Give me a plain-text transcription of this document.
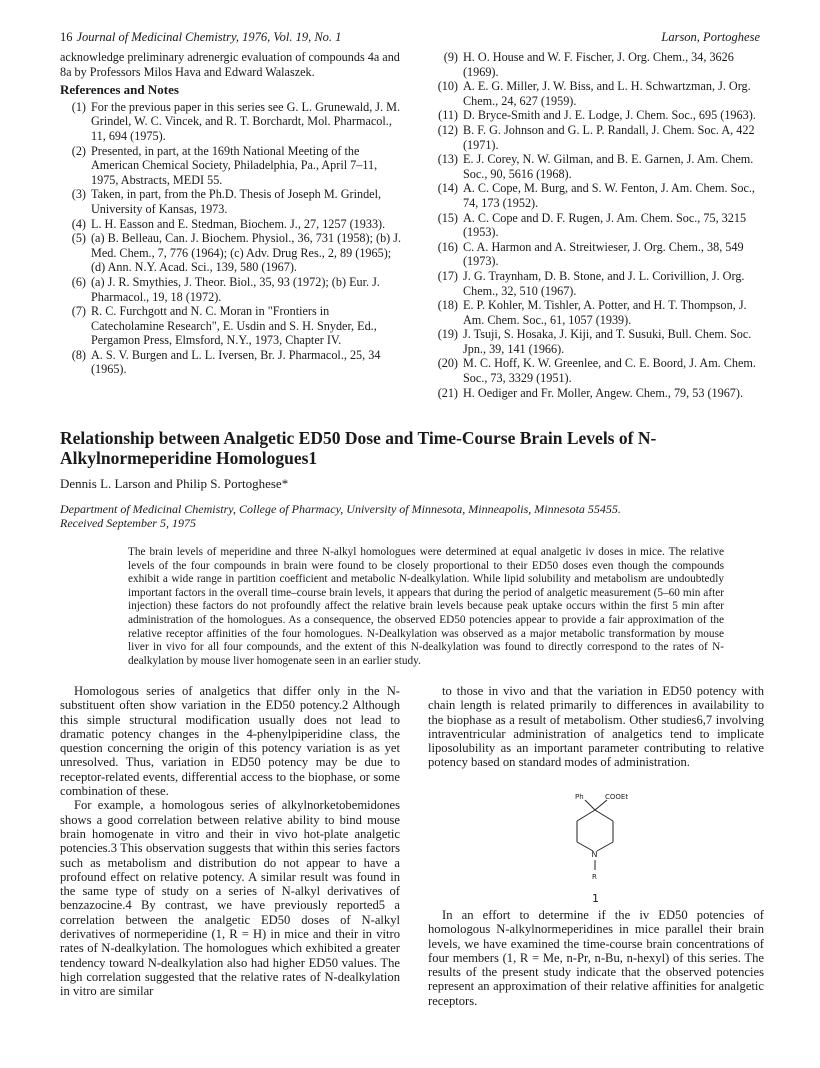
16 Journal of Medicinal Chemistry, 1976, Vol. 19, No. 1	Larson, Portoghese

acknowledge preliminary adrenergic evaluation of compounds 4a and 8a by Professors Milos Hava and Edward Walaszek.

References and Notes
(1) For the previous paper in this series see G. L. Grunewald, J. M. Grindel, W. C. Vincek, and R. T. Borchardt, Mol. Pharmacol., 11, 694 (1975).
(2) Presented, in part, at the 169th National Meeting of the American Chemical Society, Philadelphia, Pa., April 7–11, 1975, Abstracts, MEDI 55.
(3) Taken, in part, from the Ph.D. Thesis of Joseph M. Grindel, University of Kansas, 1973.
(4) L. H. Easson and E. Stedman, Biochem. J., 27, 1257 (1933).
(5) (a) B. Belleau, Can. J. Biochem. Physiol., 36, 731 (1958); (b) J. Med. Chem., 7, 776 (1964); (c) Adv. Drug Res., 2, 89 (1965); (d) Ann. N.Y. Acad. Sci., 139, 580 (1967).
(6) (a) J. R. Smythies, J. Theor. Biol., 35, 93 (1972); (b) Eur. J. Pharmacol., 19, 18 (1972).
(7) R. C. Furchgott and N. C. Moran in "Frontiers in Catecholamine Research", E. Usdin and S. H. Snyder, Ed., Pergamon Press, Elmsford, N.Y., 1973, Chapter IV.
(8) A. S. V. Burgen and L. L. Iversen, Br. J. Pharmacol., 25, 34 (1965).
(9) H. O. House and W. F. Fischer, J. Org. Chem., 34, 3626 (1969).
(10) A. E. G. Miller, J. W. Biss, and L. H. Schwartzman, J. Org. Chem., 24, 627 (1959).
(11) D. Bryce-Smith and J. E. Lodge, J. Chem. Soc., 695 (1963).
(12) B. F. G. Johnson and G. L. P. Randall, J. Chem. Soc. A, 422 (1971).
(13) E. J. Corey, N. W. Gilman, and B. E. Garnen, J. Am. Chem. Soc., 90, 5616 (1968).
(14) A. C. Cope, M. Burg, and S. W. Fenton, J. Am. Chem. Soc., 74, 173 (1952).
(15) A. C. Cope and D. F. Rugen, J. Am. Chem. Soc., 75, 3215 (1953).
(16) C. A. Harmon and A. Streitwieser, J. Org. Chem., 38, 549 (1973).
(17) J. G. Traynham, D. B. Stone, and J. L. Corivillion, J. Org. Chem., 32, 510 (1967).
(18) E. P. Kohler, M. Tishler, A. Potter, and H. T. Thompson, J. Am. Chem. Soc., 61, 1057 (1939).
(19) J. Tsuji, S. Hosaka, J. Kiji, and T. Susuki, Bull. Chem. Soc. Jpn., 39, 141 (1966).
(20) M. C. Hoff, K. W. Greenlee, and C. E. Boord, J. Am. Chem. Soc., 73, 3329 (1951).
(21) H. Oediger and Fr. Moller, Angew. Chem., 79, 53 (1967).
Relationship between Analgetic ED50 Dose and Time-Course Brain Levels of N-Alkylnormeperidine Homologues1
Dennis L. Larson and Philip S. Portoghese*
Department of Medicinal Chemistry, College of Pharmacy, University of Minnesota, Minneapolis, Minnesota 55455.
Received September 5, 1975
The brain levels of meperidine and three N-alkyl homologues were determined at equal analgetic iv doses in mice. The relative levels of the four compounds in brain were found to be closely proportional to their ED50 doses even though the compounds exhibit a wide range in partition coefficient and metabolic N-dealkylation. While lipid solubility and metabolism are undoubtedly important factors in the overall time–course brain levels, it appears that during the period of analgetic measurement (5–60 min after injection) these factors do not profoundly affect the relative brain levels because peak uptake occurs within the first 5 min after administration of the homologues. As a consequence, the observed ED50 potencies appear to provide a fair approximation of the relative receptor affinities of the four homologues. N-Dealkylation was observed as a major metabolic transformation by mouse liver in vivo for all four compounds, and the extent of this N-dealkylation was found to directly correspond to the rates of N-dealkylation by mouse liver homogenate seen in an earlier study.

Homologous series of analgetics that differ only in the N-substituent often show variation in the ED50 potency.2 Although this simple structural modification usually does not lead to dramatic potency changes in the 4-phenylpiperidine class, the question concerning the origin of this potency variation is as yet unresolved. Thus, variation in ED50 potency may be due to receptor-related events, differential access to the biophase, or some combination of these.

For example, a homologous series of alkylnorketobemidones shows a good correlation between relative ability to bind mouse brain homogenate in vitro and their in vivo hot-plate analgetic potencies.3 This observation suggests that within this series factors such as metabolism and distribution do not appear to have a profound effect on relative potency. A similar result was found in the same type of study on a series of N-alkyl derivatives of benzazocine.4 By contrast, we have previously reported5 a correlation between the analgetic ED50 doses of N-alkyl derivatives of normeperidine (1, R = H) in mice and their in vitro rates of N-dealkylation. The homologues which exhibited a greater tendency toward N-dealkylation also had higher ED50 values. The high correlation suggested that the relative rates of N-dealkylation in vitro are similar

to those in vivo and that the variation in ED50 potency with chain length is related primarily to differences in availability to the biophase as a result of metabolism. Other studies6,7 involving intraventricular administration of analgetics tend to implicate liposolubility as an important parameter contributing to relative potency based on standard modes of administration.

Ph	COOEt
N
R
1

In an effort to determine if the iv ED50 potencies of homologous N-alkylnormeperidines in mice parallel their brain levels, we have examined the time-course brain concentrations of four members (1, R = Me, n-Pr, n-Bu, n-hexyl) of this series. The results of the present study indicate that the observed potencies represent an approximation of their relative affinities for analgetic receptors.
